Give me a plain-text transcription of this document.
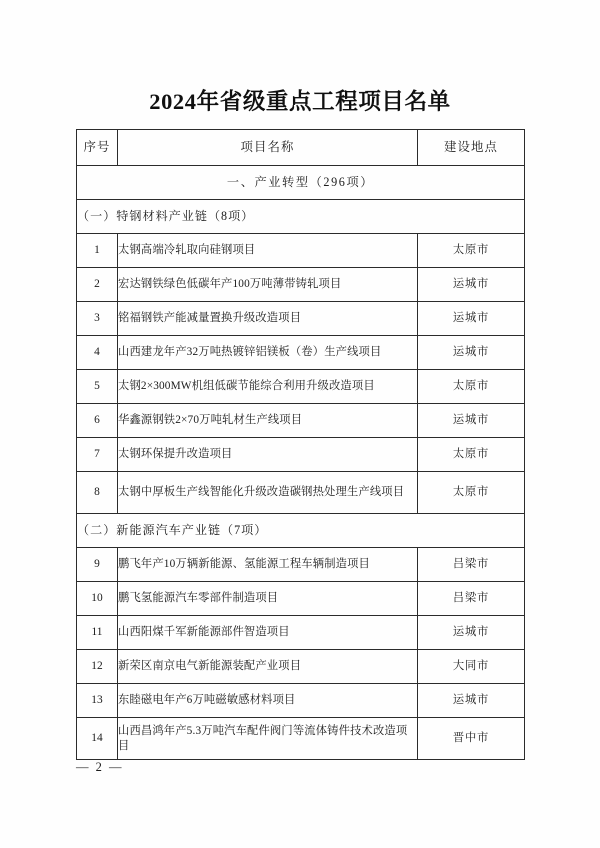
2024年省级重点工程项目名单
序号	项目名称	建设地点
一、产业转型（296项）		
（一）特钢材料产业链（8项）		
1	太钢高端冷轧取向硅钢项目	太原市
2	宏达钢铁绿色低碳年产100万吨薄带铸轧项目	运城市
3	铭福钢铁产能减量置换升级改造项目	运城市
4	山西建龙年产32万吨热镀锌铝镁板（卷）生产线项目	运城市
5	太钢2×300MW机组低碳节能综合利用升级改造项目	太原市
6	华鑫源钢铁2×70万吨轧材生产线项目	运城市
7	太钢环保提升改造项目	太原市
8	太钢中厚板生产线智能化升级改造碳钢热处理生产线项目	太原市
（二）新能源汽车产业链（7项）		
9	鹏飞年产10万辆新能源、氢能源工程车辆制造项目	吕梁市
10	鹏飞氢能源汽车零部件制造项目	吕梁市
11	山西阳煤千军新能源部件智造项目	运城市
12	新荣区南京电气新能源装配产业项目	大同市
13	东睦磁电年产6万吨磁敏感材料项目	运城市
14	山西昌鸿年产5.3万吨汽车配件阀门等流体铸件技术改造项目	晋中市
— 2 —
